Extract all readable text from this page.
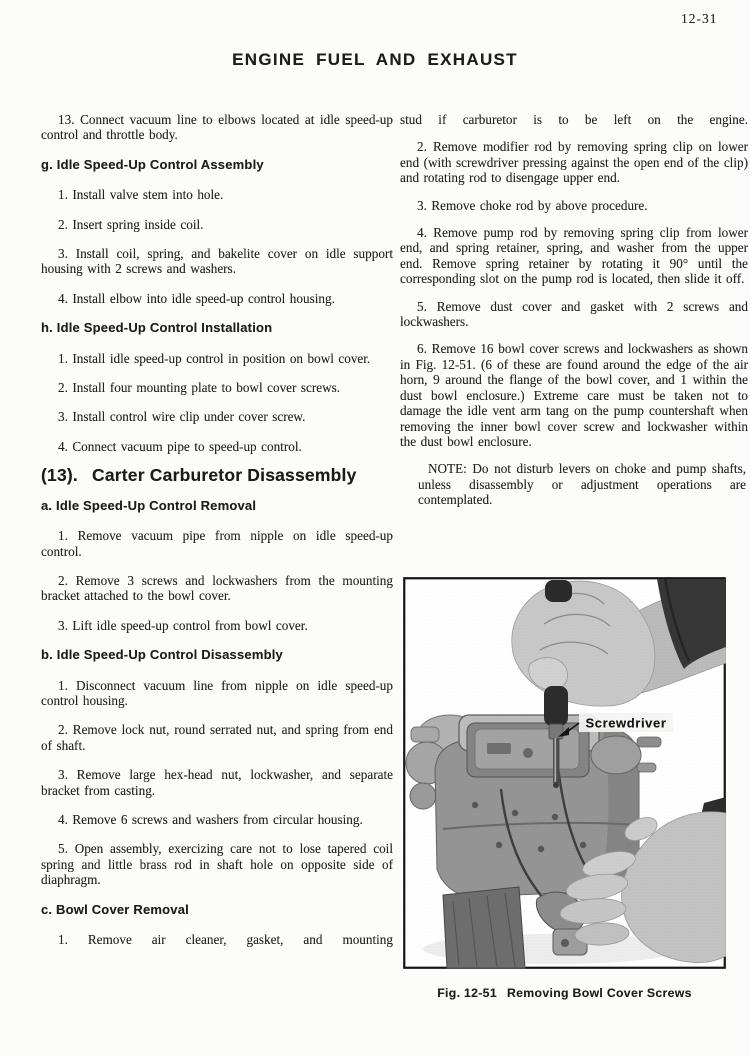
12-31
ENGINE FUEL AND EXHAUST

13. Connect vacuum line to elbows located at idle speed-up control and throttle body.

g. Idle Speed-Up Control Assembly

1. Install valve stem into hole.

2. Insert spring inside coil.

3. Install coil, spring, and bakelite cover on idle support housing with 2 screws and washers.

4. Install elbow into idle speed-up control housing.

h. Idle Speed-Up Control Installation

1. Install idle speed-up control in position on bowl cover.

2. Install four mounting plate to bowl cover screws.

3. Install control wire clip under cover screw.

4. Connect vacuum pipe to speed-up control.

(13). Carter Carburetor Disassembly

a. Idle Speed-Up Control Removal

1. Remove vacuum pipe from nipple on idle speed-up control.

2. Remove 3 screws and lockwashers from the mounting bracket attached to the bowl cover.

3. Lift idle speed-up control from bowl cover.

b. Idle Speed-Up Control Disassembly

1. Disconnect vacuum line from nipple on idle speed-up control housing.

2. Remove lock nut, round serrated nut, and spring from end of shaft.

3. Remove large hex-head nut, lockwasher, and separate bracket from casting.

4. Remove 6 screws and washers from circular housing.

5. Open assembly, exercizing care not to lose tapered coil spring and little brass rod in shaft hole on opposite side of diaphragm.

c. Bowl Cover Removal

1. Remove air cleaner, gasket, and mounting

stud if carburetor is to be left on the engine.

2. Remove modifier rod by removing spring clip on lower end (with screwdriver pressing against the open end of the clip) and rotating rod to disengage upper end.

3. Remove choke rod by above procedure.

4. Remove pump rod by removing spring clip from lower end, and spring retainer, spring, and washer from the upper end. Remove spring retainer by rotating it 90° until the corresponding slot on the pump rod is located, then slide it off.

5. Remove dust cover and gasket with 2 screws and lockwashers.

6. Remove 16 bowl cover screws and lockwashers as shown in Fig. 12-51. (6 of these are found around the edge of the air horn, 9 around the flange of the bowl cover, and 1 within the dust bowl enclosure.) Extreme care must be taken not to damage the idle vent arm tang on the pump countershaft when removing the inner bowl cover screw and lockwasher within the dust bowl enclosure.

NOTE: Do not disturb levers on choke and pump shafts, unless disassembly or adjustment operations are contemplated.

Screwdriver
Fig. 12-51 Removing Bowl Cover Screws
